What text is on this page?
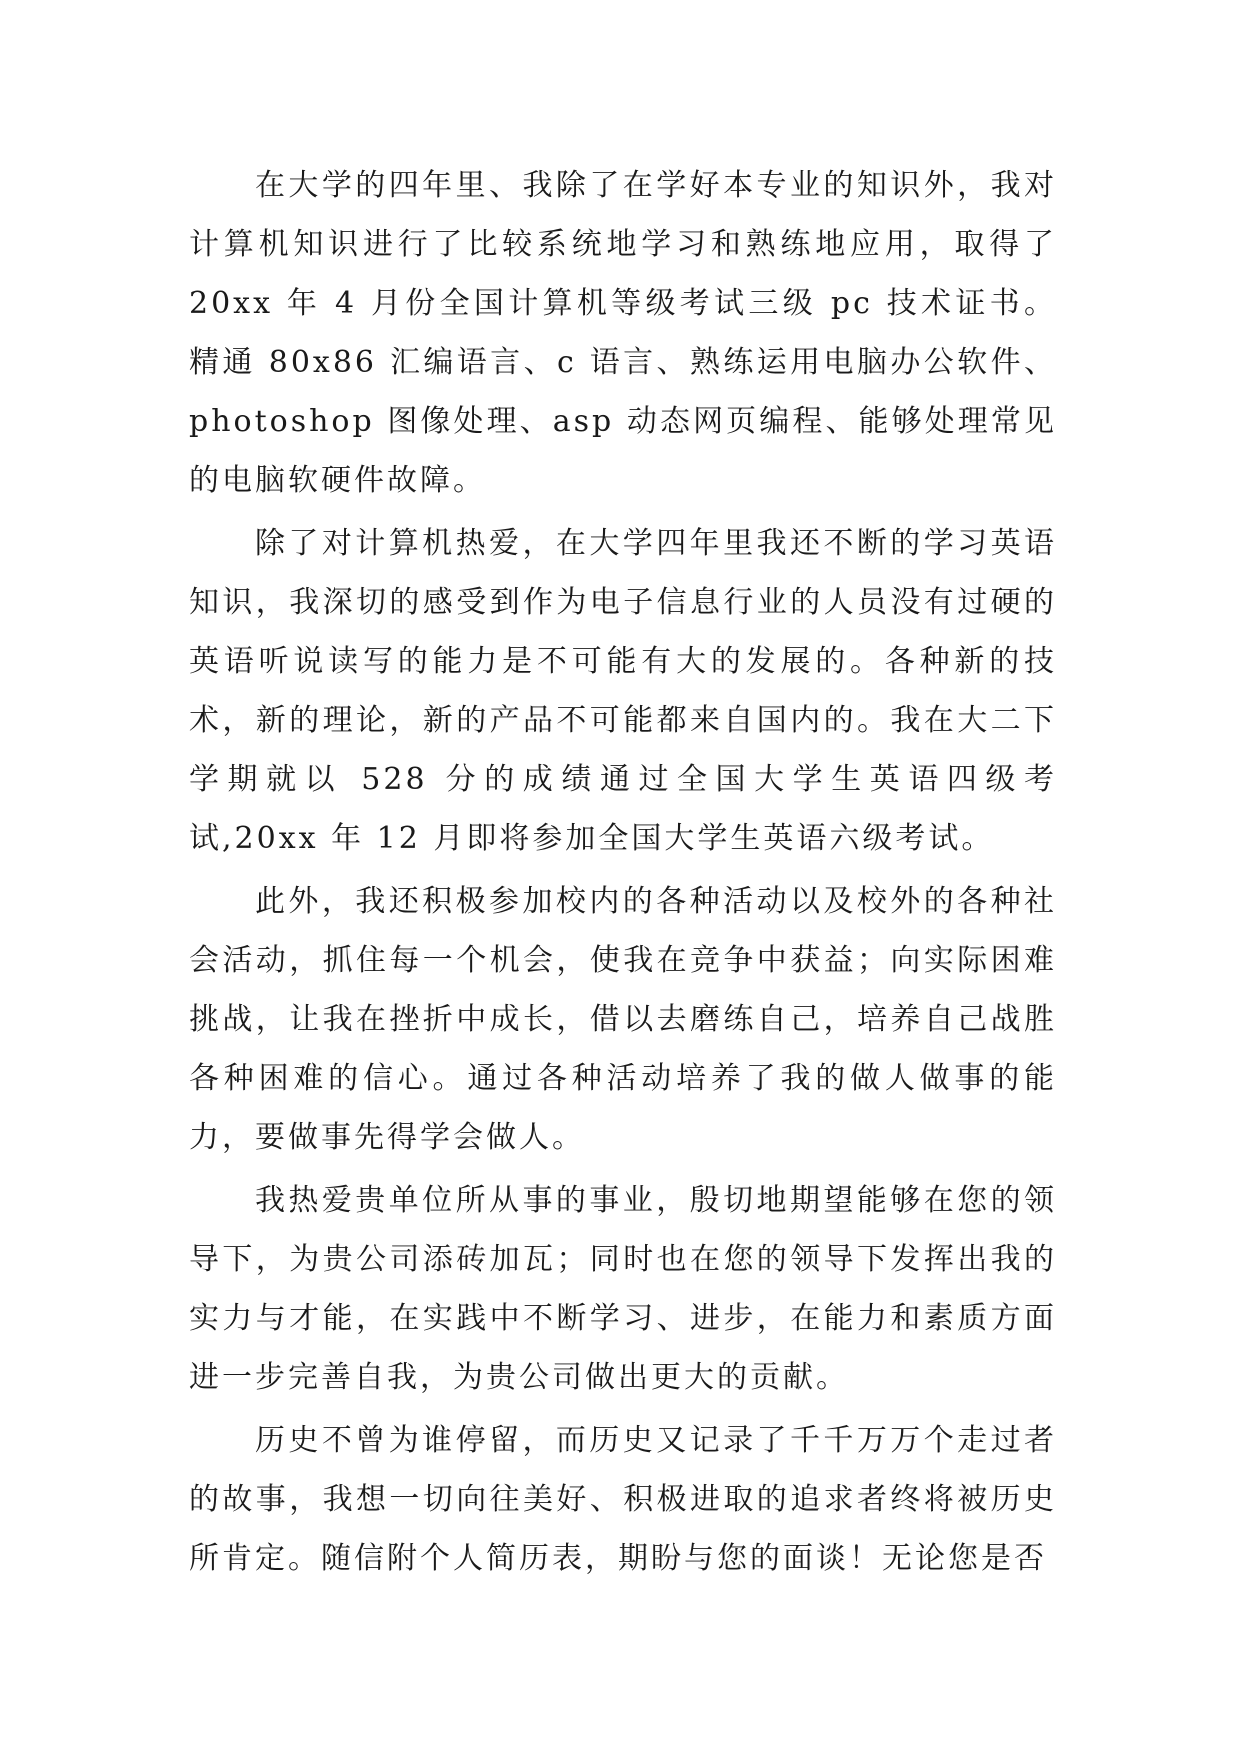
在大学的四年里、我除了在学好本专业的知识外，我对计算机知识进行了比较系统地学习和熟练地应用，取得了20xx 年 4 月份全国计算机等级考试三级 pc 技术证书。精通 80x86 汇编语言、c 语言、熟练运用电脑办公软件、photoshop 图像处理、asp 动态网页编程、能够处理常见的电脑软硬件故障。

除了对计算机热爱，在大学四年里我还不断的学习英语知识，我深切的感受到作为电子信息行业的人员没有过硬的英语听说读写的能力是不可能有大的发展的。各种新的技术，新的理论，新的产品不可能都来自国内的。我在大二下学期就以 528 分的成绩通过全国大学生英语四级考试,20xx 年 12 月即将参加全国大学生英语六级考试。

此外，我还积极参加校内的各种活动以及校外的各种社会活动，抓住每一个机会，使我在竞争中获益；向实际困难挑战，让我在挫折中成长，借以去磨练自己，培养自己战胜各种困难的信心。通过各种活动培养了我的做人做事的能力，要做事先得学会做人。

我热爱贵单位所从事的事业，殷切地期望能够在您的领导下，为贵公司添砖加瓦；同时也在您的领导下发挥出我的实力与才能，在实践中不断学习、进步，在能力和素质方面进一步完善自我，为贵公司做出更大的贡献。

历史不曾为谁停留，而历史又记录了千千万万个走过者的故事，我想一切向往美好、积极进取的追求者终将被历史所肯定。随信附个人简历表，期盼与您的面谈！无论您是否
